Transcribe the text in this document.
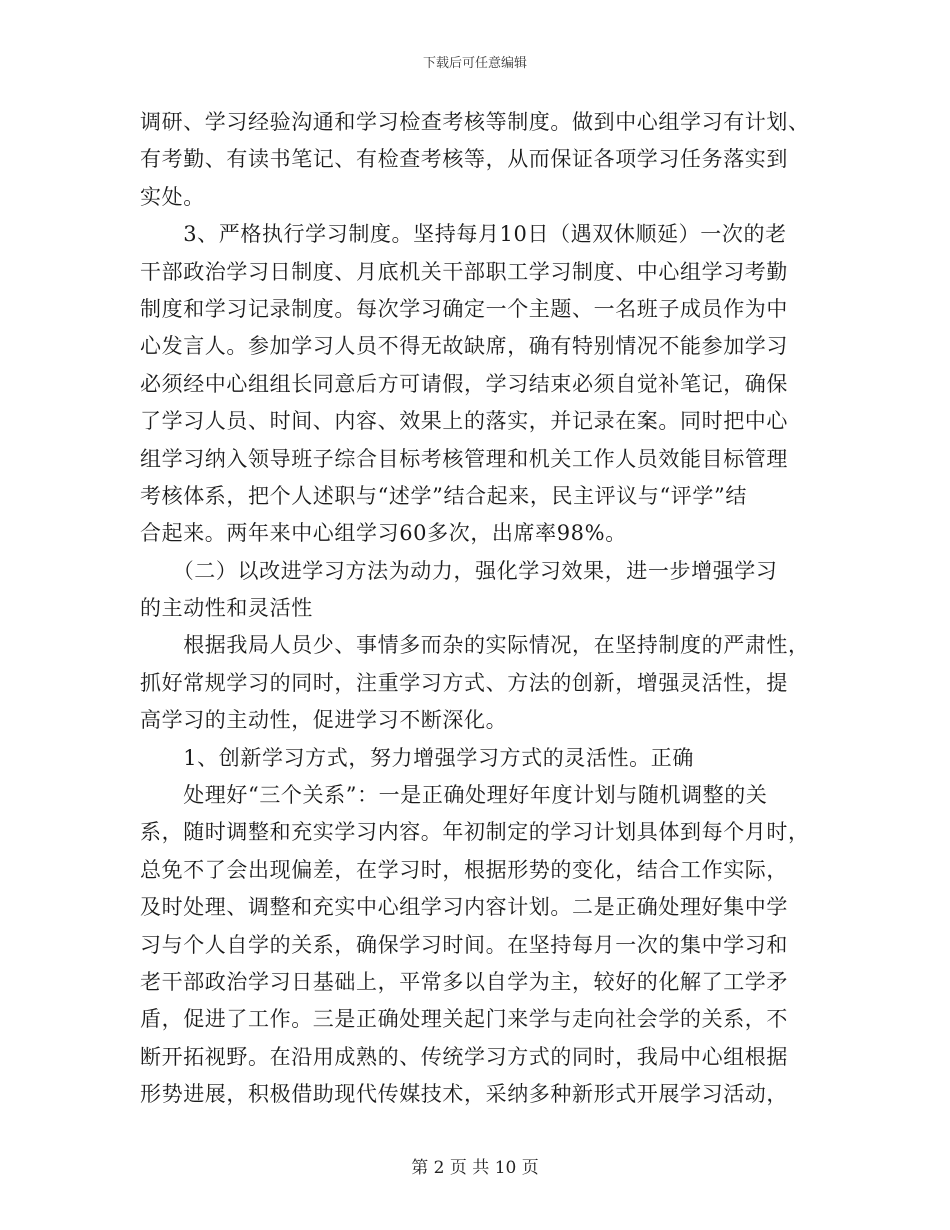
下载后可任意编辑
调研、学习经验沟通和学习检查考核等制度。做到中心组学习有计划、
有考勤、有读书笔记、有检查考核等，从而保证各项学习任务落实到
实处。
　　3、严格执行学习制度。坚持每月10日（遇双休顺延）一次的老
干部政治学习日制度、月底机关干部职工学习制度、中心组学习考勤
制度和学习记录制度。每次学习确定一个主题、一名班子成员作为中
心发言人。参加学习人员不得无故缺席，确有特别情况不能参加学习
必须经中心组组长同意后方可请假，学习结束必须自觉补笔记，确保
了学习人员、时间、内容、效果上的落实，并记录在案。同时把中心
组学习纳入领导班子综合目标考核管理和机关工作人员效能目标管理
考核体系，把个人述职与“述学”结合起来，民主评议与“评学”结
合起来。两年来中心组学习60多次，出席率98%。
　　（二）以改进学习方法为动力，强化学习效果，进一步增强学习
的主动性和灵活性
　　根据我局人员少、事情多而杂的实际情况，在坚持制度的严肃性，
抓好常规学习的同时，注重学习方式、方法的创新，增强灵活性，提
高学习的主动性，促进学习不断深化。
　　1、创新学习方式，努力增强学习方式的灵活性。正确
　　处理好“三个关系”：一是正确处理好年度计划与随机调整的关
系，随时调整和充实学习内容。年初制定的学习计划具体到每个月时，
总免不了会出现偏差，在学习时，根据形势的变化，结合工作实际，
及时处理、调整和充实中心组学习内容计划。二是正确处理好集中学
习与个人自学的关系，确保学习时间。在坚持每月一次的集中学习和
老干部政治学习日基础上，平常多以自学为主，较好的化解了工学矛
盾，促进了工作。三是正确处理关起门来学与走向社会学的关系，不
断开拓视野。在沿用成熟的、传统学习方式的同时，我局中心组根据
形势进展，积极借助现代传媒技术，采纳多种新形式开展学习活动，
第 2 页 共 10 页
